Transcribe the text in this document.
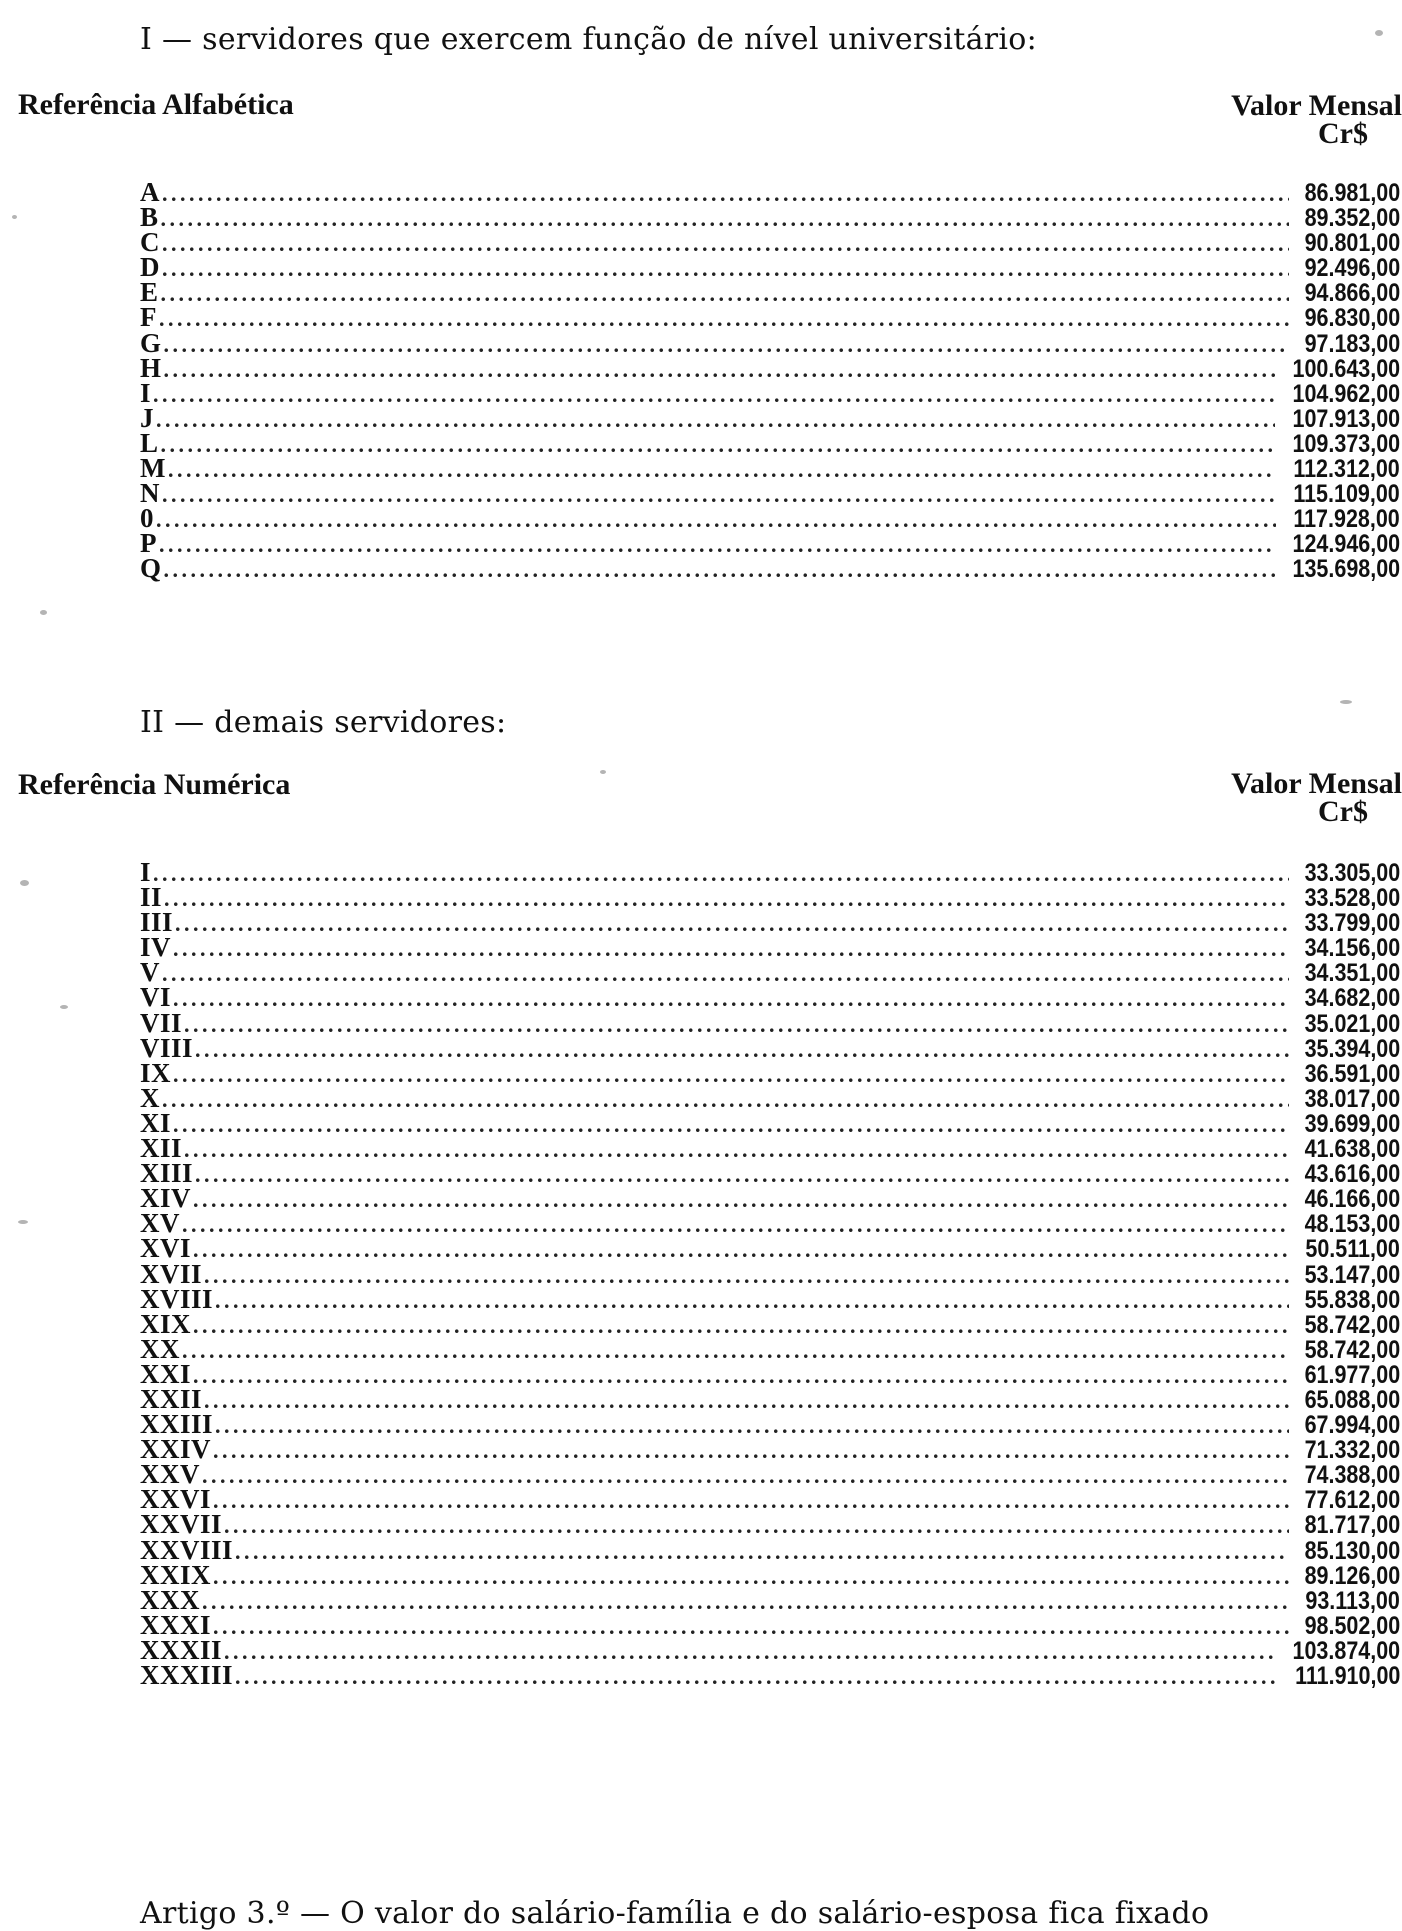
I — servidores que exercem função de nível universitário:
Referência Alfabética	Valor Mensal
Cr$
A . . .	86.981,00
B . . .	89.352,00
C . . .	90.801,00
D . . .	92.496,00
E . . .	94.866,00
F . . .	96.830,00
G . . .	97.183,00
H . . .	100.643,00
I . . .	104.962,00
J . . .	107.913,00
L . . .	109.373,00
M . . .	112.312,00
N . . .	115.109,00
0 . . .	117.928,00
P . . .	124.946,00
Q . . .	135.698,00
II — demais servidores:
Referência Numérica	Valor Mensal
Cr$
I . . .	33.305,00
II . . .	33.528,00
III . . .	33.799,00
IV . . .	34.156,00
V . . .	34.351,00
VI . . .	34.682,00
VII . . .	35.021,00
VIII . . .	35.394,00
IX . . .	36.591,00
X . . .	38.017,00
XI . . .	39.699,00
XII . . .	41.638,00
XIII . . .	43.616,00
XIV . . .	46.166,00
XV . . .	48.153,00
XVI . . .	50.511,00
XVII . . .	53.147,00
XVIII . . .	55.838,00
XIX . . .	58.742,00
XX . . .	58.742,00
XXI . . .	61.977,00
XXII . . .	65.088,00
XXIII . . .	67.994,00
XXIV . . .	71.332,00
XXV . . .	74.388,00
XXVI . . .	77.612,00
XXVII . . .	81.717,00
XXVIII . . .	85.130,00
XXIX . . .	89.126,00
XXX . . .	93.113,00
XXXI . . .	98.502,00
XXXII . . .	103.874,00
XXXIII . . .	111.910,00
Artigo 3.º — O valor do salário-família e do salário-esposa fica fixado
